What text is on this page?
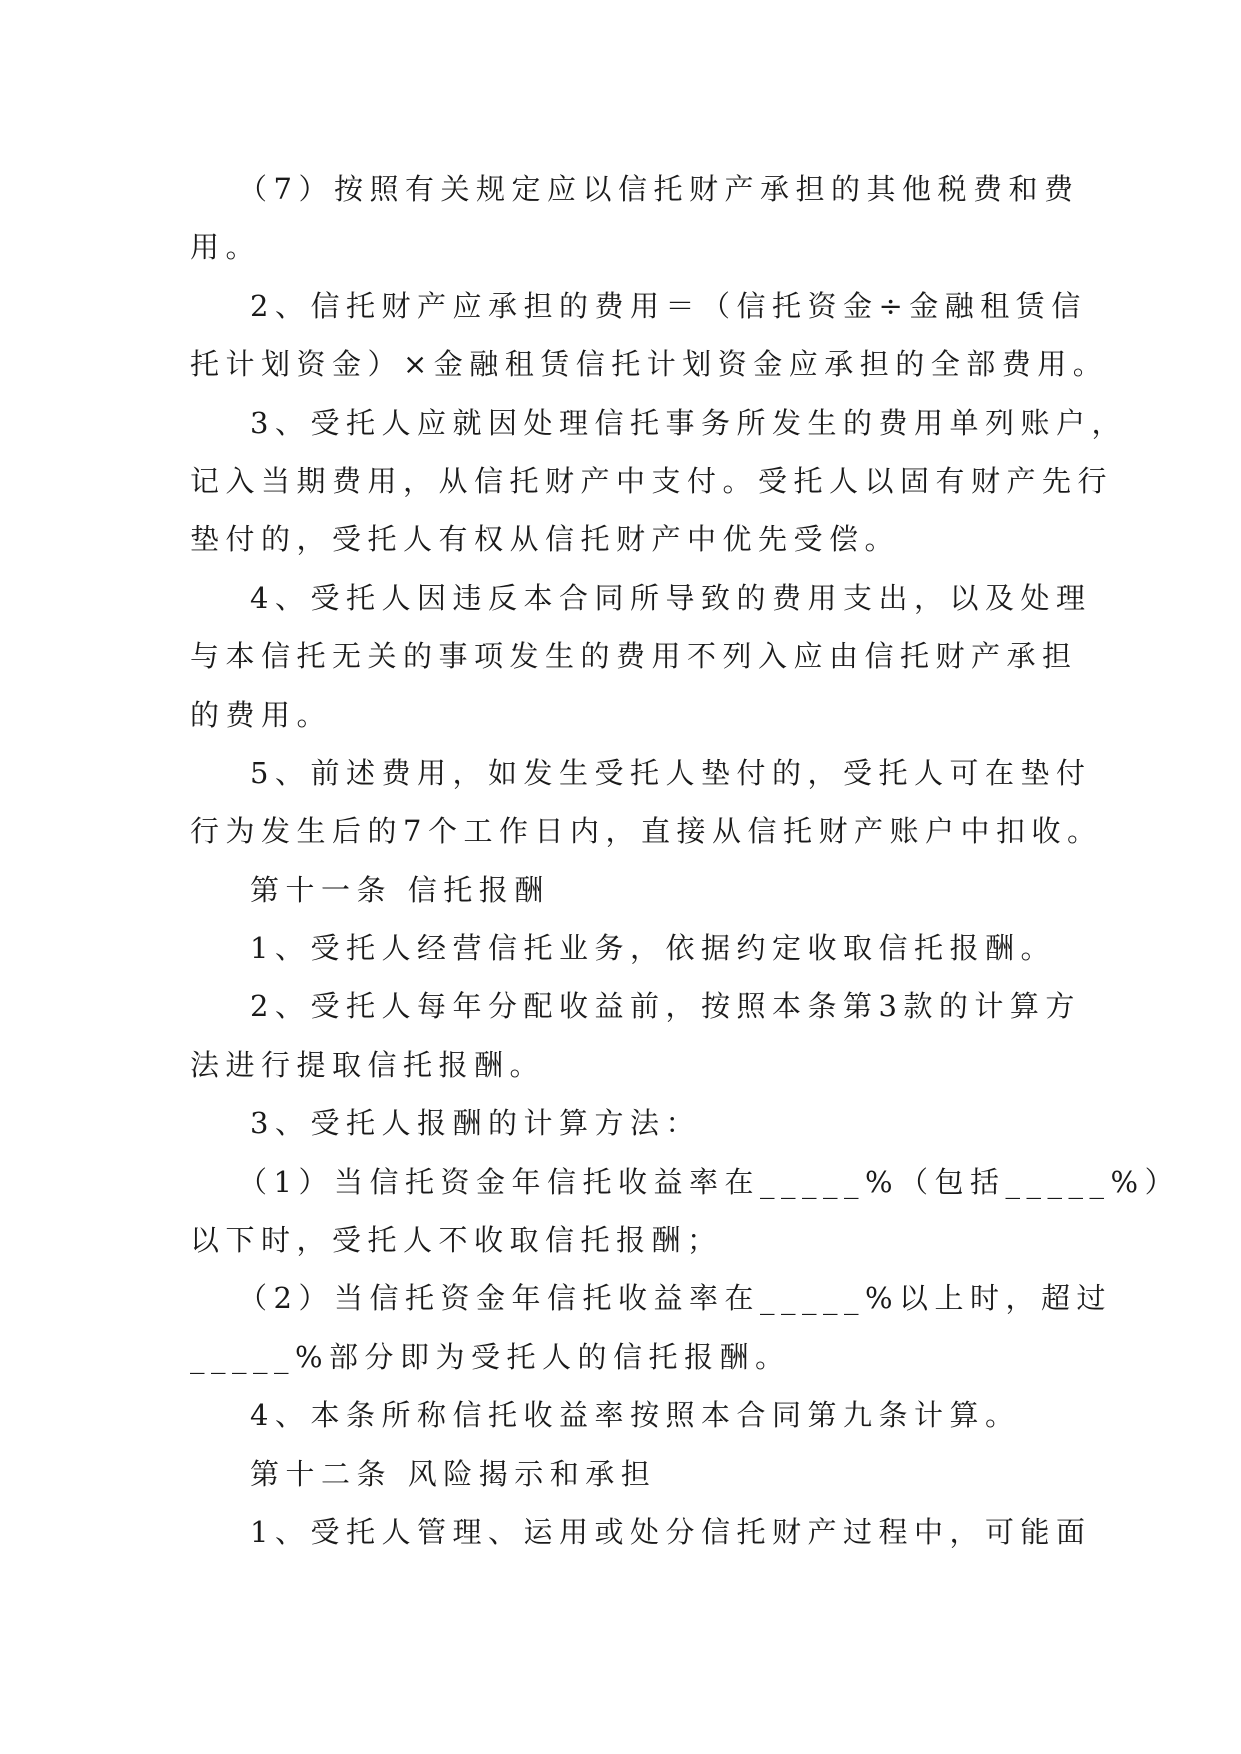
（7）按照有关规定应以信托财产承担的其他税费和费
用。
2、信托财产应承担的费用＝（信托资金÷金融租赁信
托计划资金）×金融租赁信托计划资金应承担的全部费用。
3、受托人应就因处理信托事务所发生的费用单列账户，
记入当期费用，从信托财产中支付。受托人以固有财产先行
垫付的，受托人有权从信托财产中优先受偿。
4、受托人因违反本合同所导致的费用支出，以及处理
与本信托无关的事项发生的费用不列入应由信托财产承担
的费用。
5、前述费用，如发生受托人垫付的，受托人可在垫付
行为发生后的7个工作日内，直接从信托财产账户中扣收。
第十一条 信托报酬
1、受托人经营信托业务，依据约定收取信托报酬。
2、受托人每年分配收益前，按照本条第3款的计算方
法进行提取信托报酬。
3、受托人报酬的计算方法：
（1）当信托资金年信托收益率在_____%（包括_____%）
以下时，受托人不收取信托报酬；
（2）当信托资金年信托收益率在_____%以上时，超过
_____%部分即为受托人的信托报酬。
4、本条所称信托收益率按照本合同第九条计算。
第十二条 风险揭示和承担
1、受托人管理、运用或处分信托财产过程中，可能面
